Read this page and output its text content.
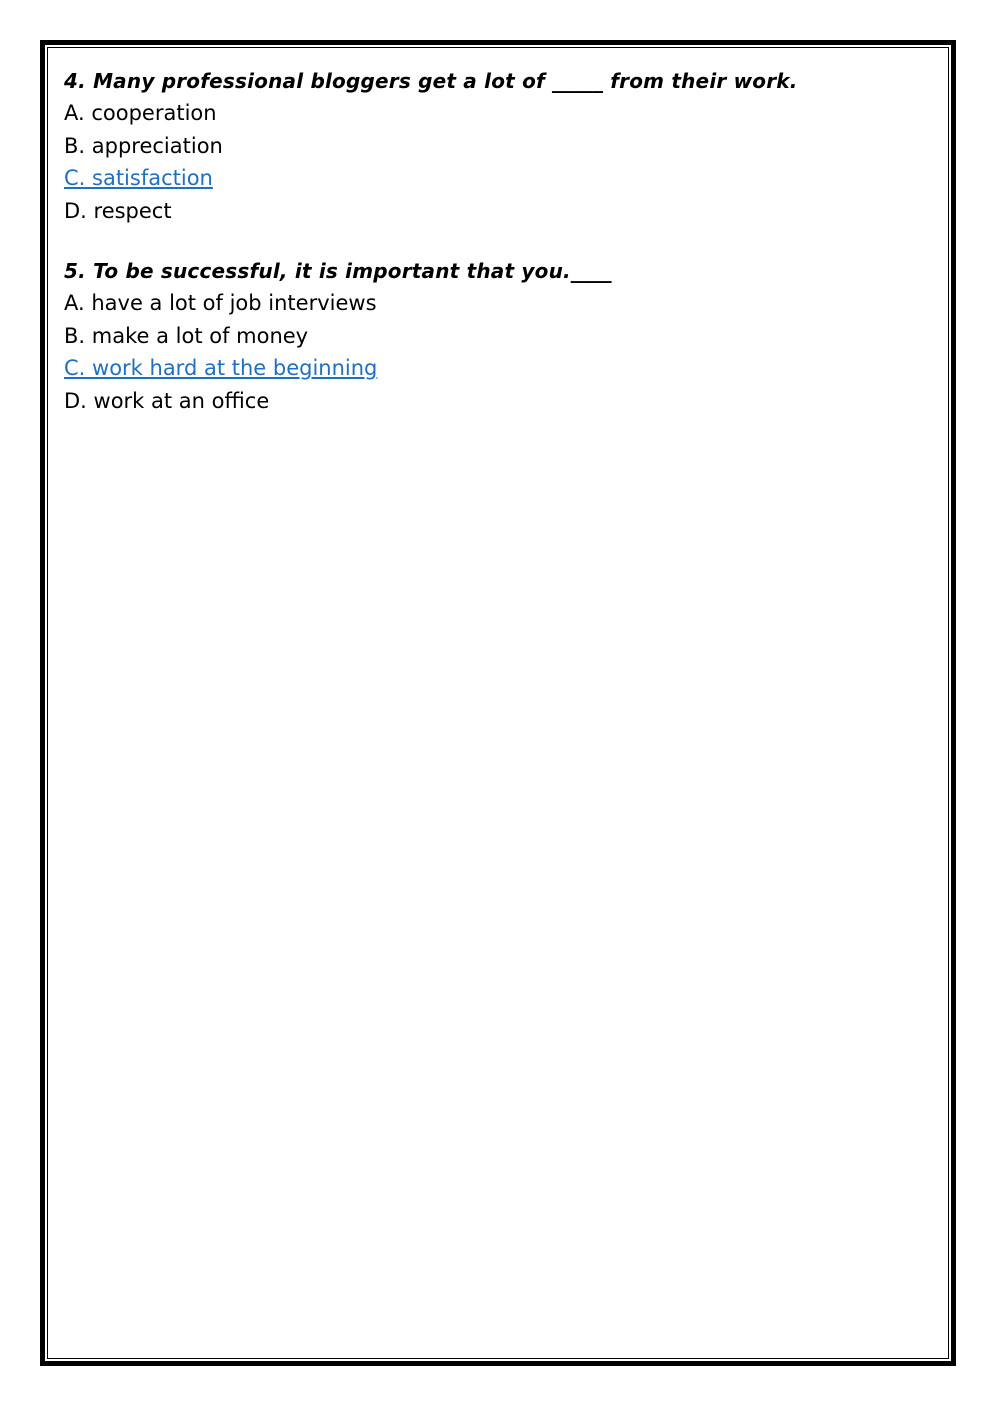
4. Many professional bloggers get a lot of _____ from their work.
A. cooperation
B. appreciation
C. satisfaction
D. respect
5. To be successful, it is important that you.____
A. have a lot of job interviews
B. make a lot of money
C. work hard at the beginning
D. work at an office
